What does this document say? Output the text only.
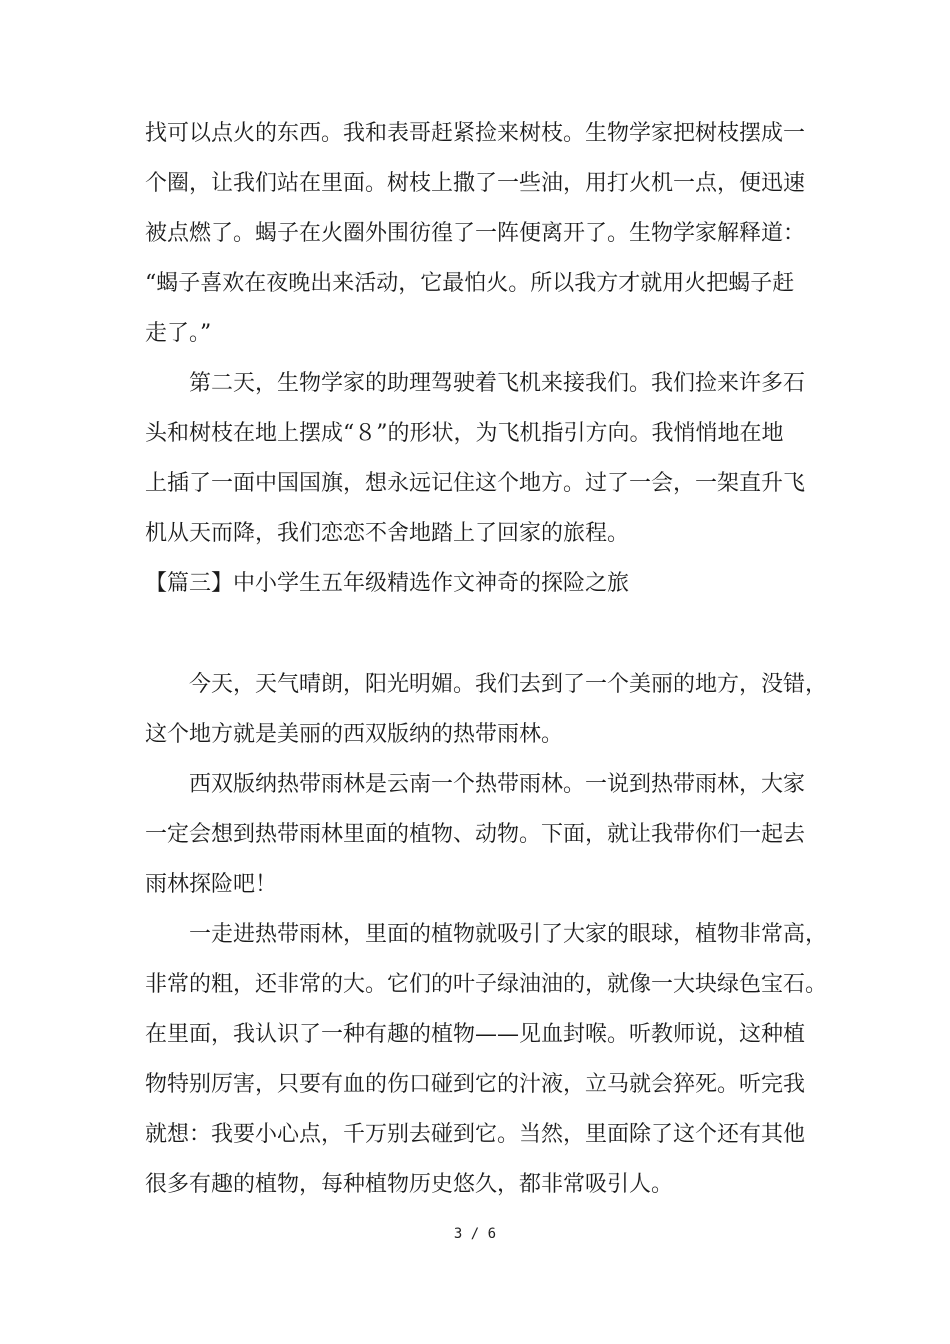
找可以点火的东西。我和表哥赶紧捡来树枝。生物学家把树枝摆成一
个圈，让我们站在里面。树枝上撒了一些油，用打火机一点，便迅速
被点燃了。蝎子在火圈外围彷徨了一阵便离开了。生物学家解释道：
“蝎子喜欢在夜晚出来活动，它最怕火。所以我方才就用火把蝎子赶
走了。”
第二天，生物学家的助理驾驶着飞机来接我们。我们捡来许多石
头和树枝在地上摆成“８”的形状，为飞机指引方向。我悄悄地在地
上插了一面中国国旗，想永远记住这个地方。过了一会，一架直升飞
机从天而降，我们恋恋不舍地踏上了回家的旅程。
【篇三】中小学生五年级精选作文神奇的探险之旅
今天，天气晴朗，阳光明媚。我们去到了一个美丽的地方，没错，
这个地方就是美丽的西双版纳的热带雨林。
西双版纳热带雨林是云南一个热带雨林。一说到热带雨林，大家
一定会想到热带雨林里面的植物、动物。下面，就让我带你们一起去
雨林探险吧！
一走进热带雨林，里面的植物就吸引了大家的眼球，植物非常高，
非常的粗，还非常的大。它们的叶子绿油油的，就像一大块绿色宝石。
在里面，我认识了一种有趣的植物——见血封喉。听教师说，这种植
物特别厉害，只要有血的伤口碰到它的汁液，立马就会猝死。听完我
就想：我要小心点，千万别去碰到它。当然，里面除了这个还有其他
很多有趣的植物，每种植物历史悠久，都非常吸引人。
3 / 6
